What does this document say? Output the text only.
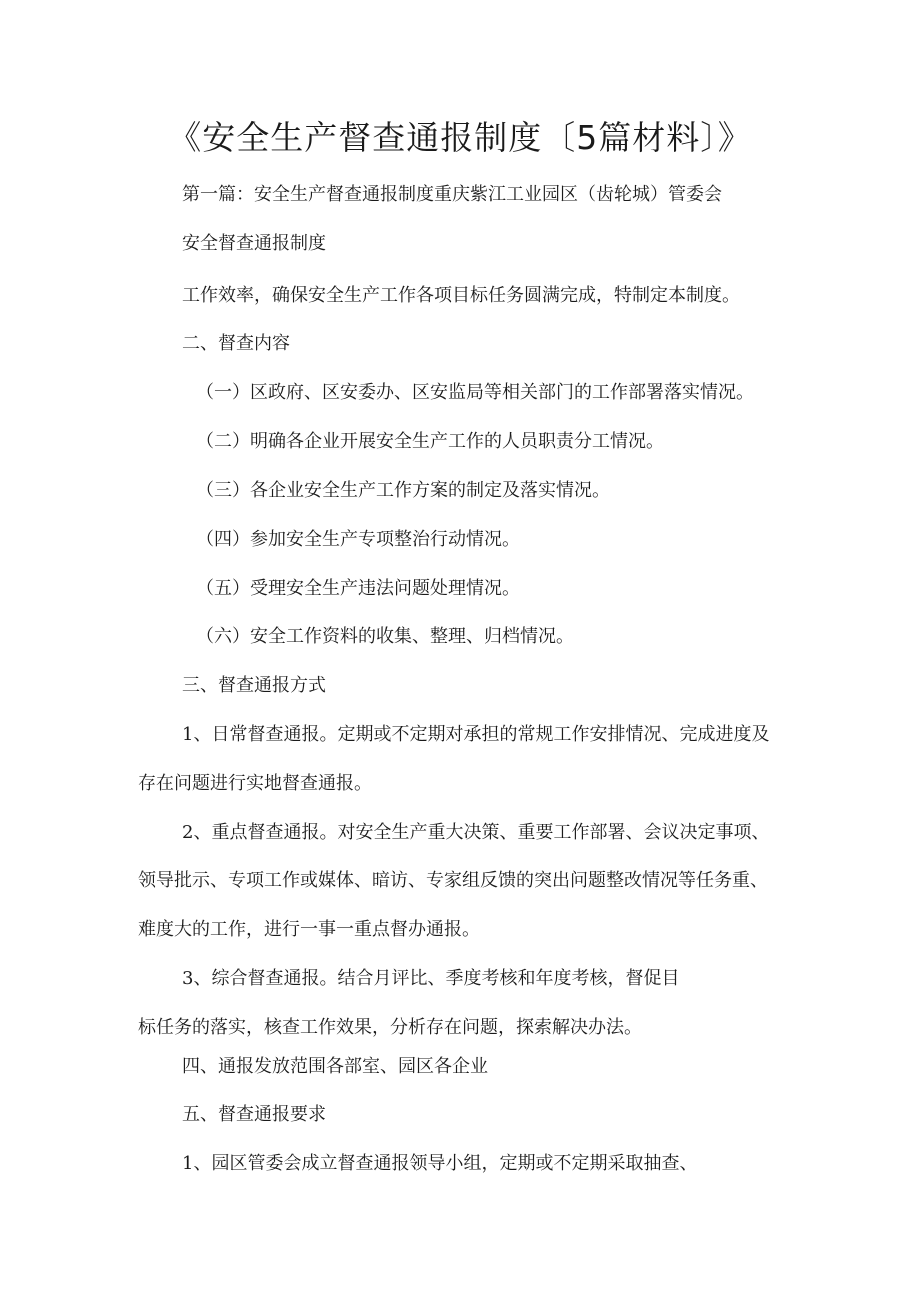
《安全生产督查通报制度〔5篇材料〕》
第一篇：安全生产督查通报制度重庆紫江工业园区（齿轮城）管委会
安全督查通报制度
工作效率，确保安全生产工作各项目标任务圆满完成，特制定本制度。
二、督查内容
（一）区政府、区安委办、区安监局等相关部门的工作部署落实情况。
（二）明确各企业开展安全生产工作的人员职责分工情况。
（三）各企业安全生产工作方案的制定及落实情况。
（四）参加安全生产专项整治行动情况。
（五）受理安全生产违法问题处理情况。
（六）安全工作资料的收集、整理、归档情况。
三、督查通报方式
1、日常督查通报。定期或不定期对承担的常规工作安排情况、完成进度及
存在问题进行实地督查通报。
2、重点督查通报。对安全生产重大决策、重要工作部署、会议决定事项、
领导批示、专项工作或媒体、暗访、专家组反馈的突出问题整改情况等任务重、
难度大的工作，进行一事一重点督办通报。
3、综合督查通报。结合月评比、季度考核和年度考核，督促目
标任务的落实，核查工作效果，分析存在问题，探索解决办法。
四、通报发放范围各部室、园区各企业
五、督查通报要求
1、园区管委会成立督查通报领导小组，定期或不定期采取抽查、
